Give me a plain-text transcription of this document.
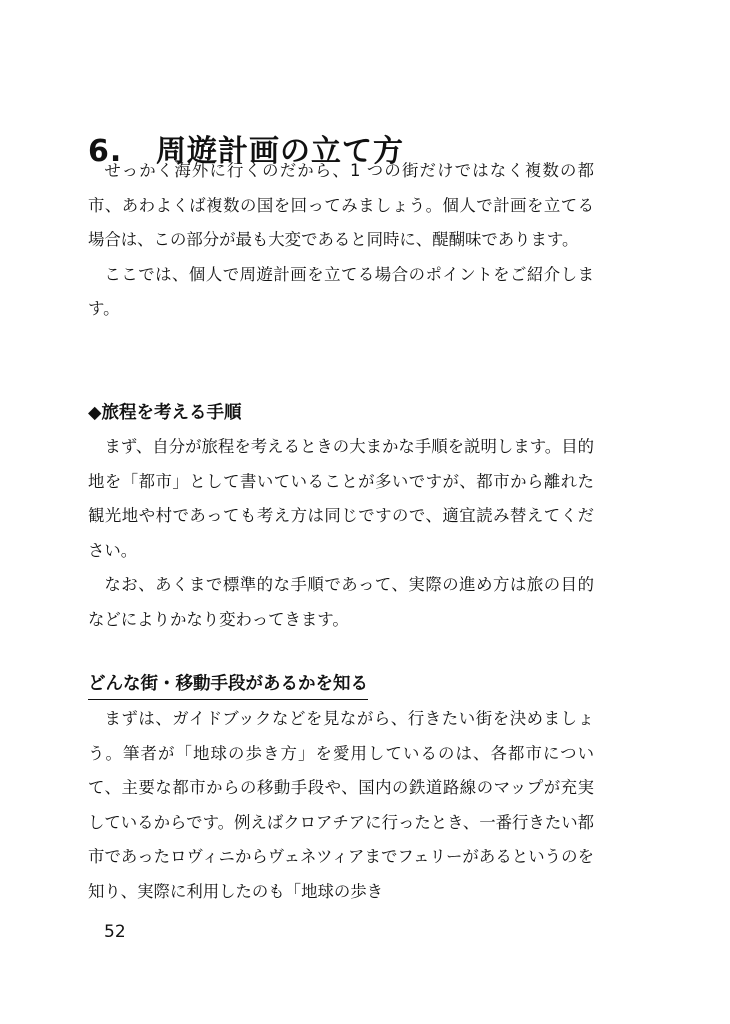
6. 周遊計画の立て方

せっかく海外に行くのだから、1 つの街だけではなく複数の都市、あわよくば複数の国を回ってみましょう。個人で計画を立てる場合は、この部分が最も大変であると同時に、醍醐味であります。

ここでは、個人で周遊計画を立てる場合のポイントをご紹介します。

◆旅程を考える手順

まず、自分が旅程を考えるときの大まかな手順を説明します。目的地を「都市」として書いていることが多いですが、都市から離れた観光地や村であっても考え方は同じですので、適宜読み替えてください。

なお、あくまで標準的な手順であって、実際の進め方は旅の目的などによりかなり変わってきます。

どんな街・移動手段があるかを知る

まずは、ガイドブックなどを見ながら、行きたい街を決めましょう。筆者が「地球の歩き方」を愛用しているのは、各都市について、主要な都市からの移動手段や、国内の鉄道路線のマップが充実しているからです。例えばクロアチアに行ったとき、一番行きたい都市であったロヴィニからヴェネツィアまでフェリーがあるというのを知り、実際に利用したのも「地球の歩き

52
